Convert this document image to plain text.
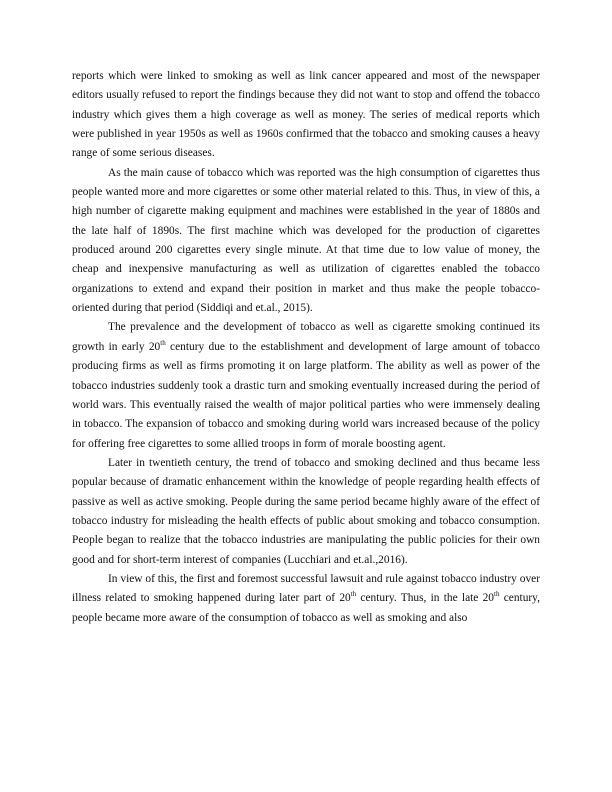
reports which were linked to smoking as well as link cancer appeared and most of the newspaper editors usually refused to report the findings because they did not want to stop and offend the tobacco industry which gives them a high coverage as well as money. The series of medical reports which were published in year 1950s as well as 1960s confirmed that the tobacco and smoking causes a heavy range of some serious diseases.

As the main cause of tobacco which was reported was the high consumption of cigarettes thus people wanted more and more cigarettes or some other material related to this. Thus, in view of this, a high number of cigarette making equipment and machines were established in the year of 1880s and the late half of 1890s. The first machine which was developed for the production of cigarettes produced around 200 cigarettes every single minute. At that time due to low value of money, the cheap and inexpensive manufacturing as well as utilization of cigarettes enabled the tobacco organizations to extend and expand their position in market and thus make the people tobacco-oriented during that period (Siddiqi and et.al., 2015).

The prevalence and the development of tobacco as well as cigarette smoking continued its growth in early 20th century due to the establishment and development of large amount of tobacco producing firms as well as firms promoting it on large platform. The ability as well as power of the tobacco industries suddenly took a drastic turn and smoking eventually increased during the period of world wars. This eventually raised the wealth of major political parties who were immensely dealing in tobacco. The expansion of tobacco and smoking during world wars increased because of the policy for offering free cigarettes to some allied troops in form of morale boosting agent.

Later in twentieth century, the trend of tobacco and smoking declined and thus became less popular because of dramatic enhancement within the knowledge of people regarding health effects of passive as well as active smoking. People during the same period became highly aware of the effect of tobacco industry for misleading the health effects of public about smoking and tobacco consumption. People began to realize that the tobacco industries are manipulating the public policies for their own good and for short-term interest of companies (Lucchiari and et.al.,2016).

In view of this, the first and foremost successful lawsuit and rule against tobacco industry over illness related to smoking happened during later part of 20th century. Thus, in the late 20th century, people became more aware of the consumption of tobacco as well as smoking and also
